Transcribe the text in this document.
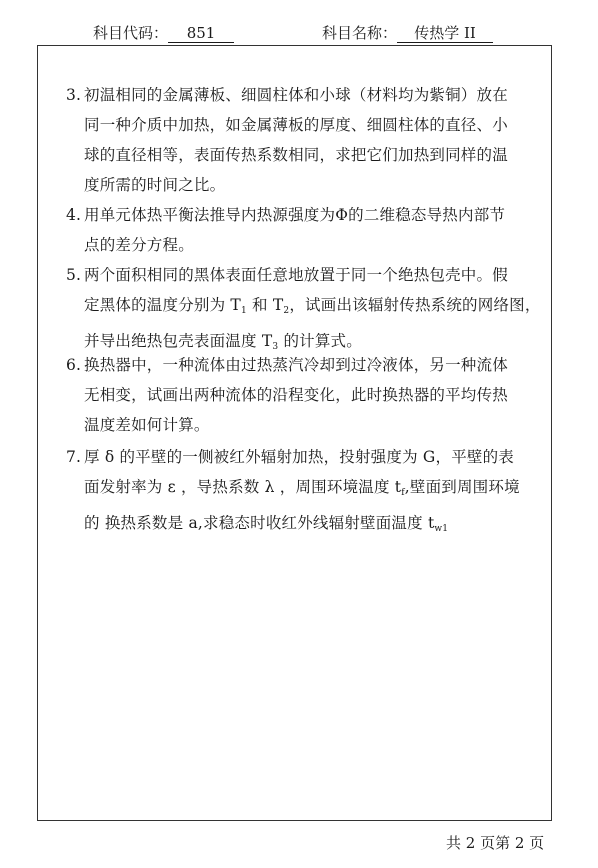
科目代码： 851	科目名称： 传热学 II
3. 初温相同的金属薄板、细圆柱体和小球（材料均为紫铜）放在
同一种介质中加热，如金属薄板的厚度、细圆柱体的直径、小
球的直径相等，表面传热系数相同，求把它们加热到同样的温
度所需的时间之比。
4. 用单元体热平衡法推导内热源强度为Φ的二维稳态导热内部节
点的差分方程。
5. 两个面积相同的黑体表面任意地放置于同一个绝热包壳中。假
定黑体的温度分别为 $T_1$ 和 $T_2$，试画出该辐射传热系统的网络图，
并导出绝热包壳表面温度 $T_3$ 的计算式。
6. 换热器中，一种流体由过热蒸汽冷却到过冷液体，另一种流体
无相变，试画出两种流体的沿程变化，此时换热器的平均传热
温度差如何计算。
7. 厚 δ 的平壁的一侧被红外辐射加热，投射强度为 G，平壁的表
面发射率为 ε ，导热系数 λ ，周围环境温度 $t_f$,壁面到周围环境
的 换热系数是 a,求稳态时收红外线辐射壁面温度 $t_{w1}$
共 2 页第 2 页
